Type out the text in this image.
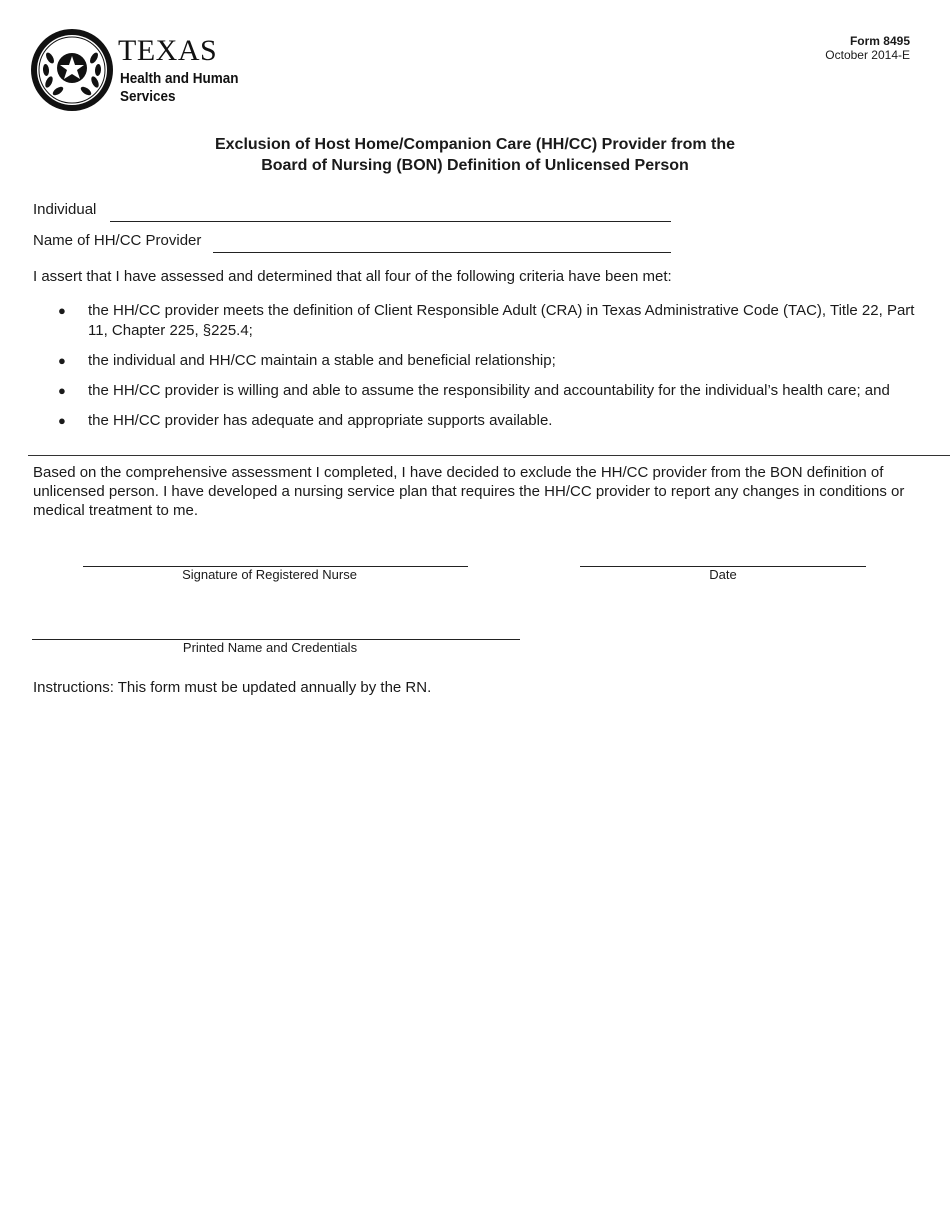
TEXAS
Health and Human
Services
Form 8495
October 2014-E
Exclusion of Host Home/Companion Care (HH/CC) Provider from the
Board of Nursing (BON) Definition of Unlicensed Person
Individual
Name of HH/CC Provider
I assert that I have assessed and determined that all four of the following criteria have been met:
● the HH/CC provider meets the definition of Client Responsible Adult (CRA) in Texas Administrative Code (TAC), Title 22, Part 11, Chapter 225, §225.4;
● the individual and HH/CC maintain a stable and beneficial relationship;
● the HH/CC provider is willing and able to assume the responsibility and accountability for the individual’s health care; and
● the HH/CC provider has adequate and appropriate supports available.
Based on the comprehensive assessment I completed, I have decided to exclude the HH/CC provider from the BON definition of unlicensed person. I have developed a nursing service plan that requires the HH/CC provider to report any changes in conditions or medical treatment to me.
Signature of Registered Nurse	Date
Printed Name and Credentials
Instructions: This form must be updated annually by the RN.
